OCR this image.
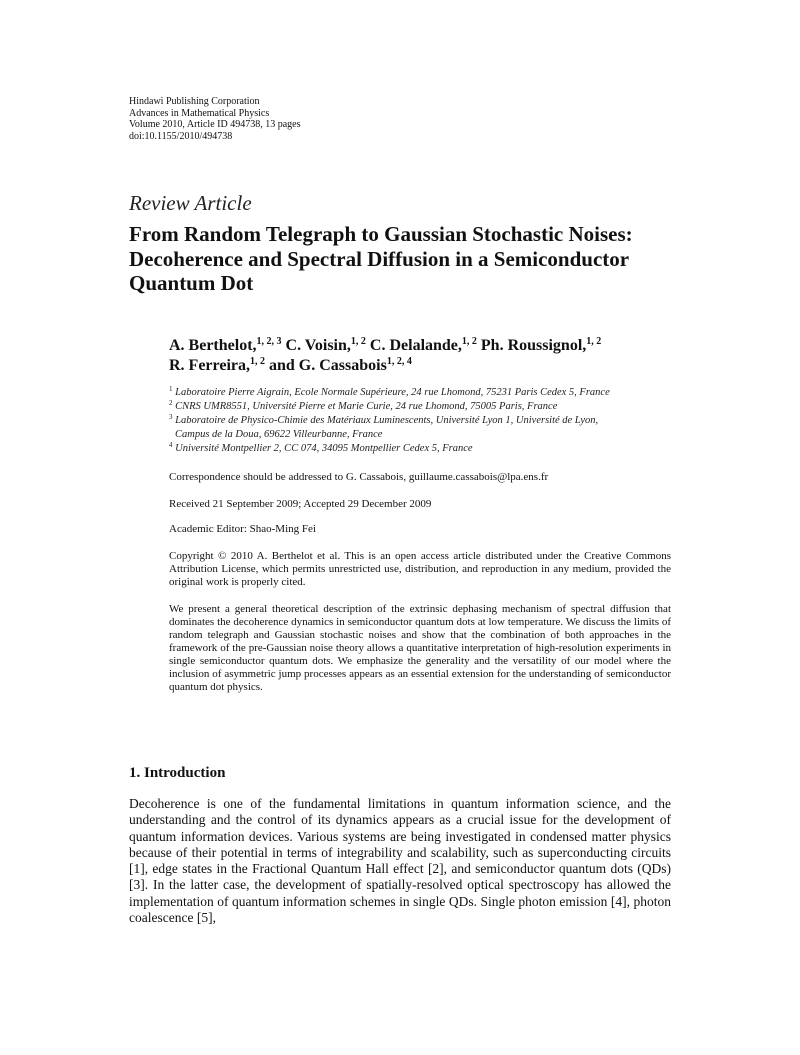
Hindawi Publishing Corporation
Advances in Mathematical Physics
Volume 2010, Article ID 494738, 13 pages
doi:10.1155/2010/494738
Review Article
From Random Telegraph to Gaussian Stochastic Noises: Decoherence and Spectral Diffusion in a Semiconductor Quantum Dot
A. Berthelot,$^{1, 2, 3}$ C. Voisin,$^{1, 2}$ C. Delalande,$^{1, 2}$ Ph. Roussignol,$^{1, 2}$
R. Ferreira,$^{1, 2}$ and G. Cassabois$^{1, 2, 4}$
$^1$ Laboratoire Pierre Aigrain, Ecole Normale Supérieure, 24 rue Lhomond, 75231 Paris Cedex 5, France
$^2$ CNRS UMR8551, Université Pierre et Marie Curie, 24 rue Lhomond, 75005 Paris, France
$^3$ Laboratoire de Physico-Chimie des Matériaux Luminescents, Université Lyon 1, Université de Lyon,
Campus de la Doua, 69622 Villeurbanne, France
$^4$ Université Montpellier 2, CC 074, 34095 Montpellier Cedex 5, France
Correspondence should be addressed to G. Cassabois, guillaume.cassabois@lpa.ens.fr
Received 21 September 2009; Accepted 29 December 2009
Academic Editor: Shao-Ming Fei
Copyright © 2010 A. Berthelot et al. This is an open access article distributed under the Creative Commons Attribution License, which permits unrestricted use, distribution, and reproduction in any medium, provided the original work is properly cited.
We present a general theoretical description of the extrinsic dephasing mechanism of spectral diffusion that dominates the decoherence dynamics in semiconductor quantum dots at low temperature. We discuss the limits of random telegraph and Gaussian stochastic noises and show that the combination of both approaches in the framework of the pre-Gaussian noise theory allows a quantitative interpretation of high-resolution experiments in single semiconductor quantum dots. We emphasize the generality and the versatility of our model where the inclusion of asymmetric jump processes appears as an essential extension for the understanding of semiconductor quantum dot physics.
1. Introduction
Decoherence is one of the fundamental limitations in quantum information science, and the understanding and the control of its dynamics appears as a crucial issue for the development of quantum information devices. Various systems are being investigated in condensed matter physics because of their potential in terms of integrability and scalability, such as superconducting circuits [1], edge states in the Fractional Quantum Hall effect [2], and semiconductor quantum dots (QDs) [3]. In the latter case, the development of spatially-resolved optical spectroscopy has allowed the implementation of quantum information schemes in single QDs. Single photon emission [4], photon coalescence [5],
